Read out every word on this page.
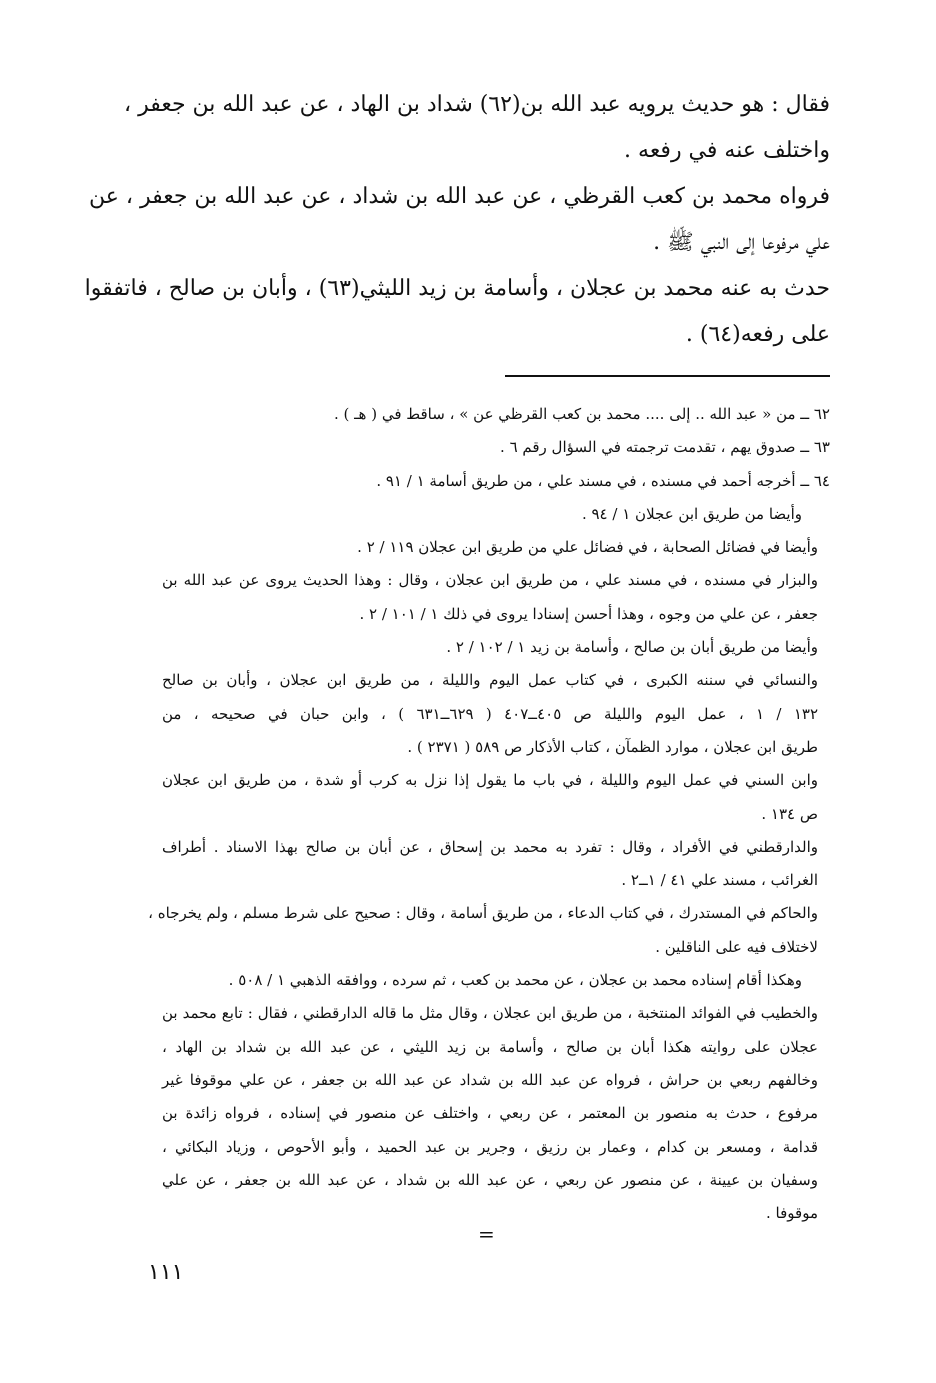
فقال : هو حديث يرويه عبد الله بن(٦٢) شداد بن الهاد ، عن عبد الله بن جعفر ،
واختلف عنه في رفعه .
فرواه محمد بن كعب القرظي ، عن عبد الله بن شداد ، عن عبد الله بن جعفر ، عن
علي مرفوعا إلى النبي ﷺ .
حدث به عنه محمد بن عجلان ، وأسامة بن زيد الليثي(٦٣) ، وأبان بن صالح ، فاتفقوا
على رفعه(٦٤) .
٦٢ ــ من « عبد الله .. إلى .... محمد بن كعب القرظي عن » ، ساقط في ( هـ ) .
٦٣ ــ صدوق يهم ، تقدمت ترجمته في السؤال رقم ٦ .
٦٤ ــ أخرجه أحمد في مسنده ، في مسند علي ، من طريق أسامة ١ / ٩١ .
وأيضا من طريق ابن عجلان ١ / ٩٤ .
وأيضا في فضائل الصحابة ، في فضائل علي من طريق ابن عجلان ١١٩ / ٢ .
والبزار في مسنده ، في مسند علي ، من طريق ابن عجلان ، وقال : وهذا الحديث يروى عن عبد الله بن
جعفر ، عن علي من وجوه ، وهذا أحسن إسنادا يروى في ذلك ١ / ١٠١ / ٢ .
وأيضا من طريق أبان بن صالح ، وأسامة بن زيد ١ / ١٠٢ / ٢ .
والنسائي في سننه الكبرى ، في كتاب عمل اليوم والليلة ، من طريق ابن عجلان ، وأبان بن صالح
١٣٢ / ١ ، عمل اليوم والليلة ص ٤٠٥ــ٤٠٧ ( ٦٢٩ــ٦٣١ ) ، وابن حبان في صحيحه ، من
طريق ابن عجلان ، موارد الظمآن ، كتاب الأذكار ص ٥٨٩ ( ٢٣٧١ ) .
وابن السني في عمل اليوم والليلة ، في باب ما يقول إذا نزل به كرب أو شدة ، من طريق ابن عجلان
ص ١٣٤ .
والدارقطني في الأفراد ، وقال : تفرد به محمد بن إسحاق ، عن أبان بن صالح بهذا الاسناد . أطراف
الغرائب ، مسند علي ٤١ / ١ــ٢ .
والحاكم في المستدرك ، في كتاب الدعاء ، من طريق أسامة ، وقال : صحيح على شرط مسلم ، ولم يخرجاه ،
لاختلاف فيه على الناقلين .
وهكذا أقام إسناده محمد بن عجلان ، عن محمد بن كعب ، ثم سرده ، ووافقه الذهبي ١ / ٥٠٨ .
والخطيب في الفوائد المنتخبة ، من طريق ابن عجلان ، وقال مثل ما قاله الدارقطني ، فقال : تابع محمد بن
عجلان على روايته هكذا أبان بن صالح ، وأسامة بن زيد الليثي ، عن عبد الله بن شداد بن الهاد ،
وخالفهم ربعي بن حراش ، فرواه عن عبد الله بن شداد عن عبد الله بن جعفر ، عن علي موقوفا غير
مرفوع ، حدث به منصور بن المعتمر ، عن ربعي ، واختلف عن منصور في إسناده ، فرواه زائدة بن
قدامة ، ومسعر بن كدام ، وعمار بن رزيق ، وجرير بن عبد الحميد ، وأبو الأحوص ، وزياد البكائي ،
وسفيان بن عيينة ، عن منصور عن ربعي ، عن عبد الله بن شداد ، عن عبد الله بن جعفر ، عن علي
موقوفا .
=
١١١
